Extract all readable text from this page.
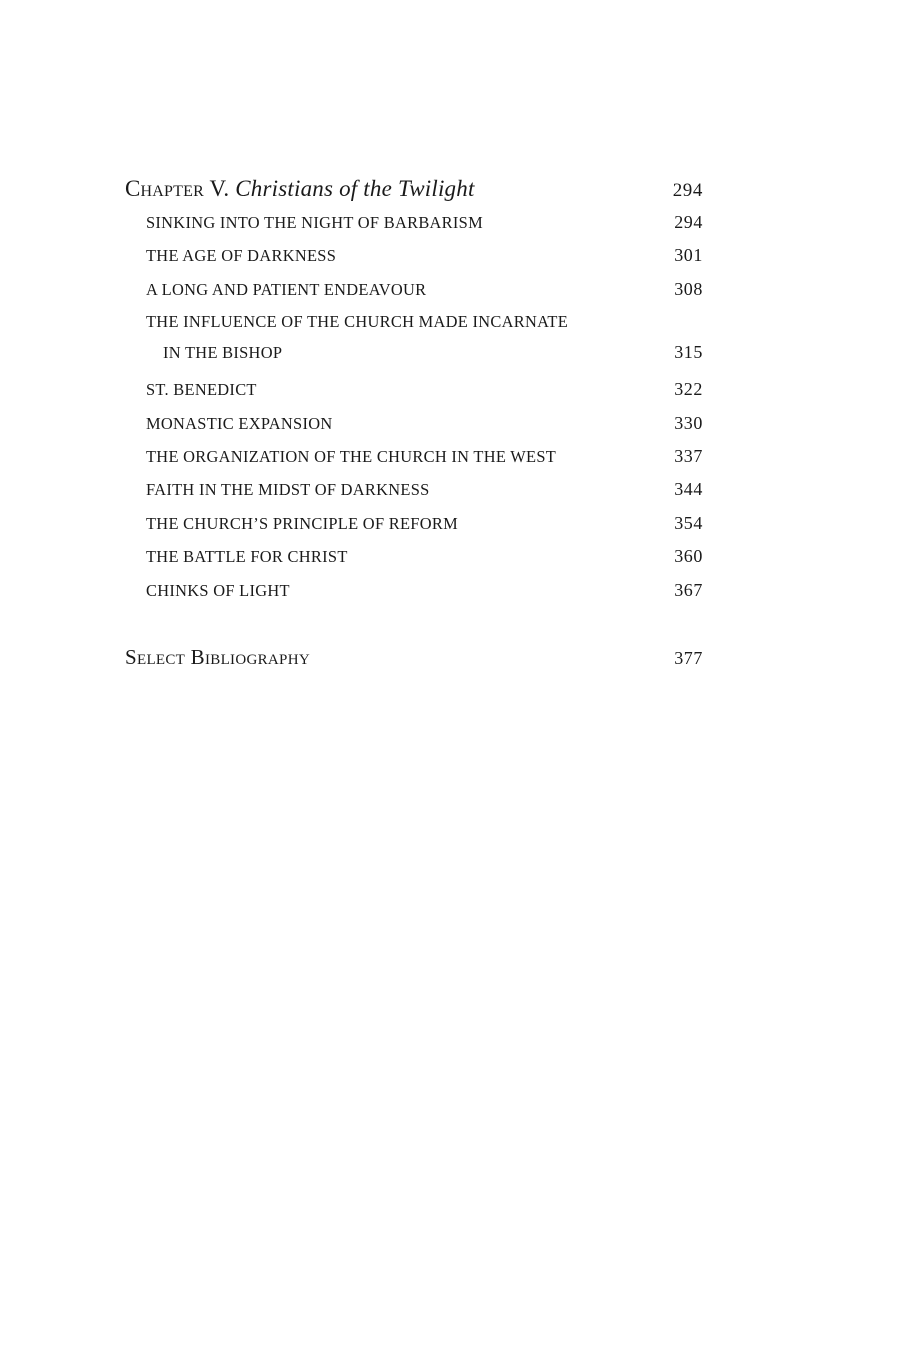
Chapter V. Christians of the Twilight	294
SINKING INTO THE NIGHT OF BARBARISM	294
THE AGE OF DARKNESS	301
A LONG AND PATIENT ENDEAVOUR	308
THE INFLUENCE OF THE CHURCH MADE INCARNATE
IN THE BISHOP	315
ST. BENEDICT	322
MONASTIC EXPANSION	330
THE ORGANIZATION OF THE CHURCH IN THE WEST	337
FAITH IN THE MIDST OF DARKNESS	344
THE CHURCH’S PRINCIPLE OF REFORM	354
THE BATTLE FOR CHRIST	360
CHINKS OF LIGHT	367
Select Bibliography	377
